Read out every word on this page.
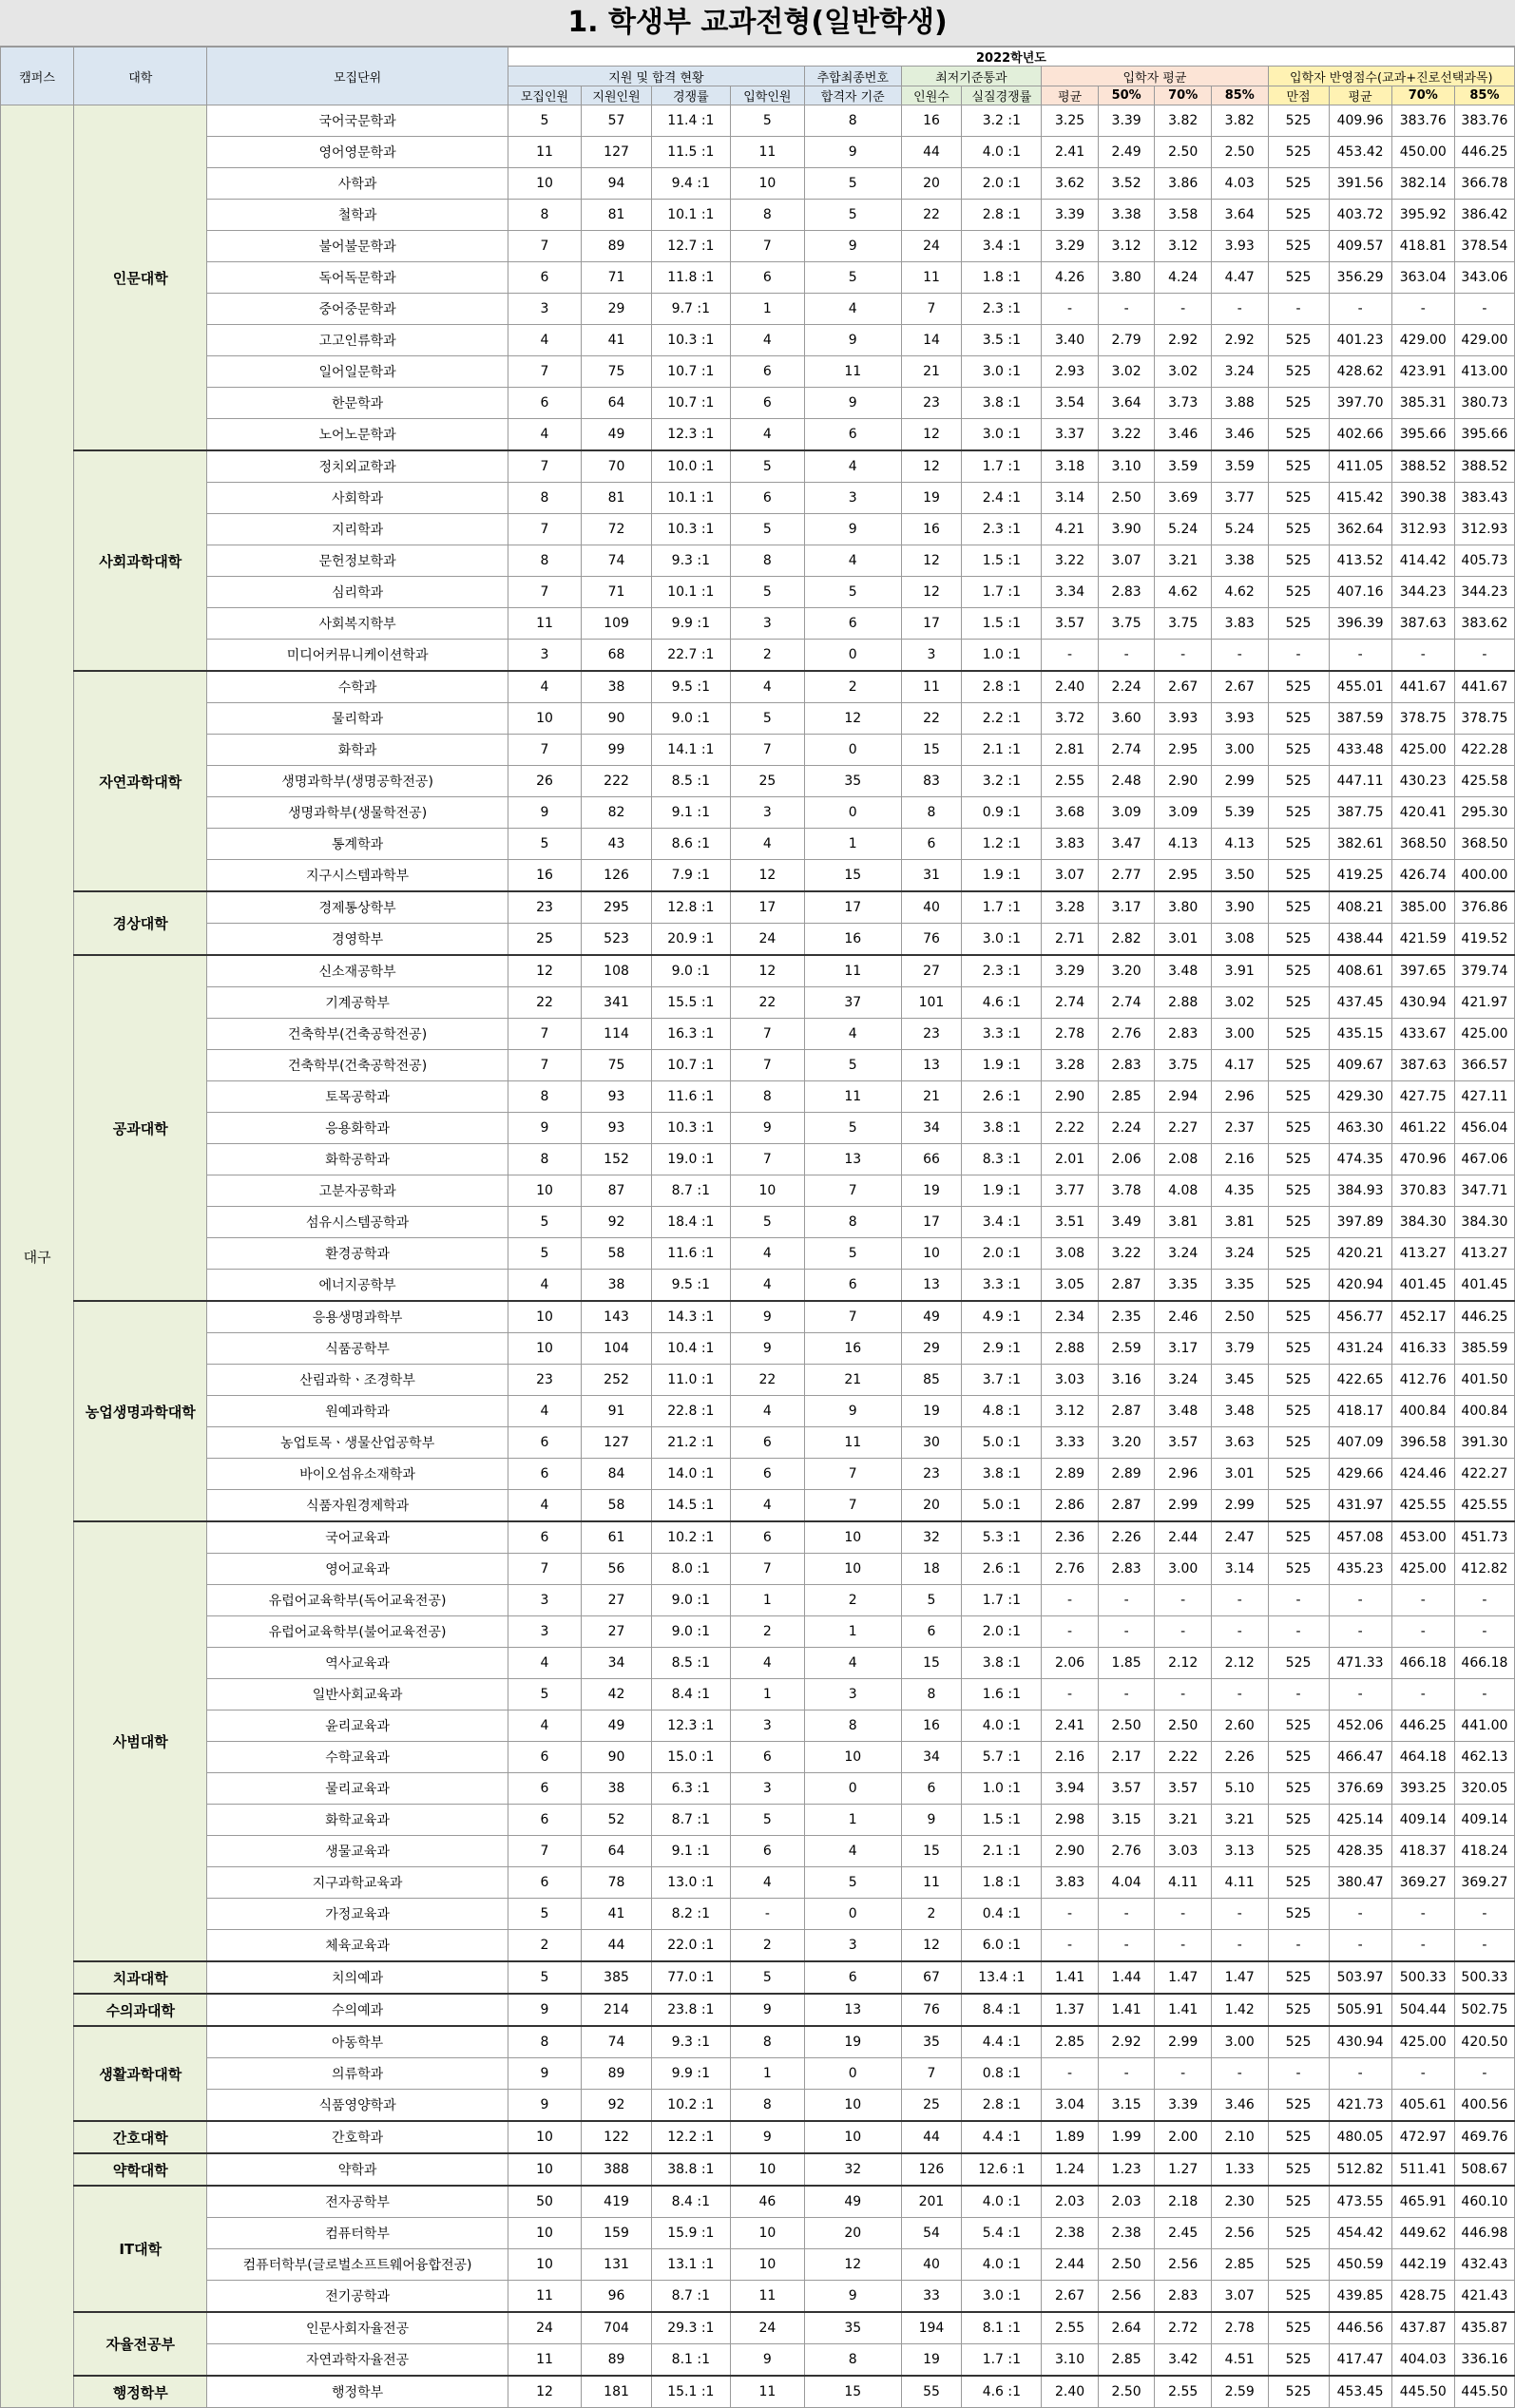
1. 학생부 교과전형(일반학생)
캠퍼스	대학	모집단위	2022학년도														
			지원 및 합격 현황				추합최종번호	최저기준통과		입학자 평균				입학자 반영점수(교과+진로선택과목)			
			모집인원	지원인원	경쟁률	입학인원	합격자 기준	인원수	실질경쟁률	평균	50%	70%	85%	만점	평균	70%	85%
대구	인문대학	국어국문학과	5	57	11.4 :1	5	8	16	3.2 :1	3.25	3.39	3.82	3.82	525	409.96	383.76	383.76
		영어영문학과	11	127	11.5 :1	11	9	44	4.0 :1	2.41	2.49	2.50	2.50	525	453.42	450.00	446.25
		사학과	10	94	9.4 :1	10	5	20	2.0 :1	3.62	3.52	3.86	4.03	525	391.56	382.14	366.78
		철학과	8	81	10.1 :1	8	5	22	2.8 :1	3.39	3.38	3.58	3.64	525	403.72	395.92	386.42
		불어불문학과	7	89	12.7 :1	7	9	24	3.4 :1	3.29	3.12	3.12	3.93	525	409.57	418.81	378.54
		독어독문학과	6	71	11.8 :1	6	5	11	1.8 :1	4.26	3.80	4.24	4.47	525	356.29	363.04	343.06
		중어중문학과	3	29	9.7 :1	1	4	7	2.3 :1	-	-	-	-	-	-	-	-
		고고인류학과	4	41	10.3 :1	4	9	14	3.5 :1	3.40	2.79	2.92	2.92	525	401.23	429.00	429.00
		일어일문학과	7	75	10.7 :1	6	11	21	3.0 :1	2.93	3.02	3.02	3.24	525	428.62	423.91	413.00
		한문학과	6	64	10.7 :1	6	9	23	3.8 :1	3.54	3.64	3.73	3.88	525	397.70	385.31	380.73
		노어노문학과	4	49	12.3 :1	4	6	12	3.0 :1	3.37	3.22	3.46	3.46	525	402.66	395.66	395.66
	사회과학대학	정치외교학과	7	70	10.0 :1	5	4	12	1.7 :1	3.18	3.10	3.59	3.59	525	411.05	388.52	388.52
		사회학과	8	81	10.1 :1	6	3	19	2.4 :1	3.14	2.50	3.69	3.77	525	415.42	390.38	383.43
		지리학과	7	72	10.3 :1	5	9	16	2.3 :1	4.21	3.90	5.24	5.24	525	362.64	312.93	312.93
		문헌정보학과	8	74	9.3 :1	8	4	12	1.5 :1	3.22	3.07	3.21	3.38	525	413.52	414.42	405.73
		심리학과	7	71	10.1 :1	5	5	12	1.7 :1	3.34	2.83	4.62	4.62	525	407.16	344.23	344.23
		사회복지학부	11	109	9.9 :1	3	6	17	1.5 :1	3.57	3.75	3.75	3.83	525	396.39	387.63	383.62
		미디어커뮤니케이션학과	3	68	22.7 :1	2	0	3	1.0 :1	-	-	-	-	-	-	-	-
	자연과학대학	수학과	4	38	9.5 :1	4	2	11	2.8 :1	2.40	2.24	2.67	2.67	525	455.01	441.67	441.67
		물리학과	10	90	9.0 :1	5	12	22	2.2 :1	3.72	3.60	3.93	3.93	525	387.59	378.75	378.75
		화학과	7	99	14.1 :1	7	0	15	2.1 :1	2.81	2.74	2.95	3.00	525	433.48	425.00	422.28
		생명과학부(생명공학전공)	26	222	8.5 :1	25	35	83	3.2 :1	2.55	2.48	2.90	2.99	525	447.11	430.23	425.58
		생명과학부(생물학전공)	9	82	9.1 :1	3	0	8	0.9 :1	3.68	3.09	3.09	5.39	525	387.75	420.41	295.30
		통계학과	5	43	8.6 :1	4	1	6	1.2 :1	3.83	3.47	4.13	4.13	525	382.61	368.50	368.50
		지구시스템과학부	16	126	7.9 :1	12	15	31	1.9 :1	3.07	2.77	2.95	3.50	525	419.25	426.74	400.00
	경상대학	경제통상학부	23	295	12.8 :1	17	17	40	1.7 :1	3.28	3.17	3.80	3.90	525	408.21	385.00	376.86
		경영학부	25	523	20.9 :1	24	16	76	3.0 :1	2.71	2.82	3.01	3.08	525	438.44	421.59	419.52
	공과대학	신소재공학부	12	108	9.0 :1	12	11	27	2.3 :1	3.29	3.20	3.48	3.91	525	408.61	397.65	379.74
		기계공학부	22	341	15.5 :1	22	37	101	4.6 :1	2.74	2.74	2.88	3.02	525	437.45	430.94	421.97
		건축학부(건축공학전공)	7	114	16.3 :1	7	4	23	3.3 :1	2.78	2.76	2.83	3.00	525	435.15	433.67	425.00
		건축학부(건축공학전공)	7	75	10.7 :1	7	5	13	1.9 :1	3.28	2.83	3.75	4.17	525	409.67	387.63	366.57
		토목공학과	8	93	11.6 :1	8	11	21	2.6 :1	2.90	2.85	2.94	2.96	525	429.30	427.75	427.11
		응용화학과	9	93	10.3 :1	9	5	34	3.8 :1	2.22	2.24	2.27	2.37	525	463.30	461.22	456.04
		화학공학과	8	152	19.0 :1	7	13	66	8.3 :1	2.01	2.06	2.08	2.16	525	474.35	470.96	467.06
		고분자공학과	10	87	8.7 :1	10	7	19	1.9 :1	3.77	3.78	4.08	4.35	525	384.93	370.83	347.71
		섬유시스템공학과	5	92	18.4 :1	5	8	17	3.4 :1	3.51	3.49	3.81	3.81	525	397.89	384.30	384.30
		환경공학과	5	58	11.6 :1	4	5	10	2.0 :1	3.08	3.22	3.24	3.24	525	420.21	413.27	413.27
		에너지공학부	4	38	9.5 :1	4	6	13	3.3 :1	3.05	2.87	3.35	3.35	525	420.94	401.45	401.45
	농업생명과학대학	응용생명과학부	10	143	14.3 :1	9	7	49	4.9 :1	2.34	2.35	2.46	2.50	525	456.77	452.17	446.25
		식품공학부	10	104	10.4 :1	9	16	29	2.9 :1	2.88	2.59	3.17	3.79	525	431.24	416.33	385.59
		산림과학ㆍ조경학부	23	252	11.0 :1	22	21	85	3.7 :1	3.03	3.16	3.24	3.45	525	422.65	412.76	401.50
		원예과학과	4	91	22.8 :1	4	9	19	4.8 :1	3.12	2.87	3.48	3.48	525	418.17	400.84	400.84
		농업토목ㆍ생물산업공학부	6	127	21.2 :1	6	11	30	5.0 :1	3.33	3.20	3.57	3.63	525	407.09	396.58	391.30
		바이오섬유소재학과	6	84	14.0 :1	6	7	23	3.8 :1	2.89	2.89	2.96	3.01	525	429.66	424.46	422.27
		식품자원경제학과	4	58	14.5 :1	4	7	20	5.0 :1	2.86	2.87	2.99	2.99	525	431.97	425.55	425.55
	사범대학	국어교육과	6	61	10.2 :1	6	10	32	5.3 :1	2.36	2.26	2.44	2.47	525	457.08	453.00	451.73
		영어교육과	7	56	8.0 :1	7	10	18	2.6 :1	2.76	2.83	3.00	3.14	525	435.23	425.00	412.82
		유럽어교육학부(독어교육전공)	3	27	9.0 :1	1	2	5	1.7 :1	-	-	-	-	-	-	-	-
		유럽어교육학부(불어교육전공)	3	27	9.0 :1	2	1	6	2.0 :1	-	-	-	-	-	-	-	-
		역사교육과	4	34	8.5 :1	4	4	15	3.8 :1	2.06	1.85	2.12	2.12	525	471.33	466.18	466.18
		일반사회교육과	5	42	8.4 :1	1	3	8	1.6 :1	-	-	-	-	-	-	-	-
		윤리교육과	4	49	12.3 :1	3	8	16	4.0 :1	2.41	2.50	2.50	2.60	525	452.06	446.25	441.00
		수학교육과	6	90	15.0 :1	6	10	34	5.7 :1	2.16	2.17	2.22	2.26	525	466.47	464.18	462.13
		물리교육과	6	38	6.3 :1	3	0	6	1.0 :1	3.94	3.57	3.57	5.10	525	376.69	393.25	320.05
		화학교육과	6	52	8.7 :1	5	1	9	1.5 :1	2.98	3.15	3.21	3.21	525	425.14	409.14	409.14
		생물교육과	7	64	9.1 :1	6	4	15	2.1 :1	2.90	2.76	3.03	3.13	525	428.35	418.37	418.24
		지구과학교육과	6	78	13.0 :1	4	5	11	1.8 :1	3.83	4.04	4.11	4.11	525	380.47	369.27	369.27
		가정교육과	5	41	8.2 :1	-	0	2	0.4 :1	-	-	-	-	525	-	-	-
		체육교육과	2	44	22.0 :1	2	3	12	6.0 :1	-	-	-	-	-	-	-	-
	치과대학	치의예과	5	385	77.0 :1	5	6	67	13.4 :1	1.41	1.44	1.47	1.47	525	503.97	500.33	500.33
	수의과대학	수의예과	9	214	23.8 :1	9	13	76	8.4 :1	1.37	1.41	1.41	1.42	525	505.91	504.44	502.75
	생활과학대학	아동학부	8	74	9.3 :1	8	19	35	4.4 :1	2.85	2.92	2.99	3.00	525	430.94	425.00	420.50
		의류학과	9	89	9.9 :1	1	0	7	0.8 :1	-	-	-	-	-	-	-	-
		식품영양학과	9	92	10.2 :1	8	10	25	2.8 :1	3.04	3.15	3.39	3.46	525	421.73	405.61	400.56
	간호대학	간호학과	10	122	12.2 :1	9	10	44	4.4 :1	1.89	1.99	2.00	2.10	525	480.05	472.97	469.76
	약학대학	약학과	10	388	38.8 :1	10	32	126	12.6 :1	1.24	1.23	1.27	1.33	525	512.82	511.41	508.67
	IT대학	전자공학부	50	419	8.4 :1	46	49	201	4.0 :1	2.03	2.03	2.18	2.30	525	473.55	465.91	460.10
		컴퓨터학부	10	159	15.9 :1	10	20	54	5.4 :1	2.38	2.38	2.45	2.56	525	454.42	449.62	446.98
		컴퓨터학부(글로벌소프트웨어융합전공)	10	131	13.1 :1	10	12	40	4.0 :1	2.44	2.50	2.56	2.85	525	450.59	442.19	432.43
		전기공학과	11	96	8.7 :1	11	9	33	3.0 :1	2.67	2.56	2.83	3.07	525	439.85	428.75	421.43
	자율전공부	인문사회자율전공	24	704	29.3 :1	24	35	194	8.1 :1	2.55	2.64	2.72	2.78	525	446.56	437.87	435.87
		자연과학자율전공	11	89	8.1 :1	9	8	19	1.7 :1	3.10	2.85	3.42	4.51	525	417.47	404.03	336.16
	행정학부	행정학부	12	181	15.1 :1	11	15	55	4.6 :1	2.40	2.50	2.55	2.59	525	453.45	445.50	445.50
